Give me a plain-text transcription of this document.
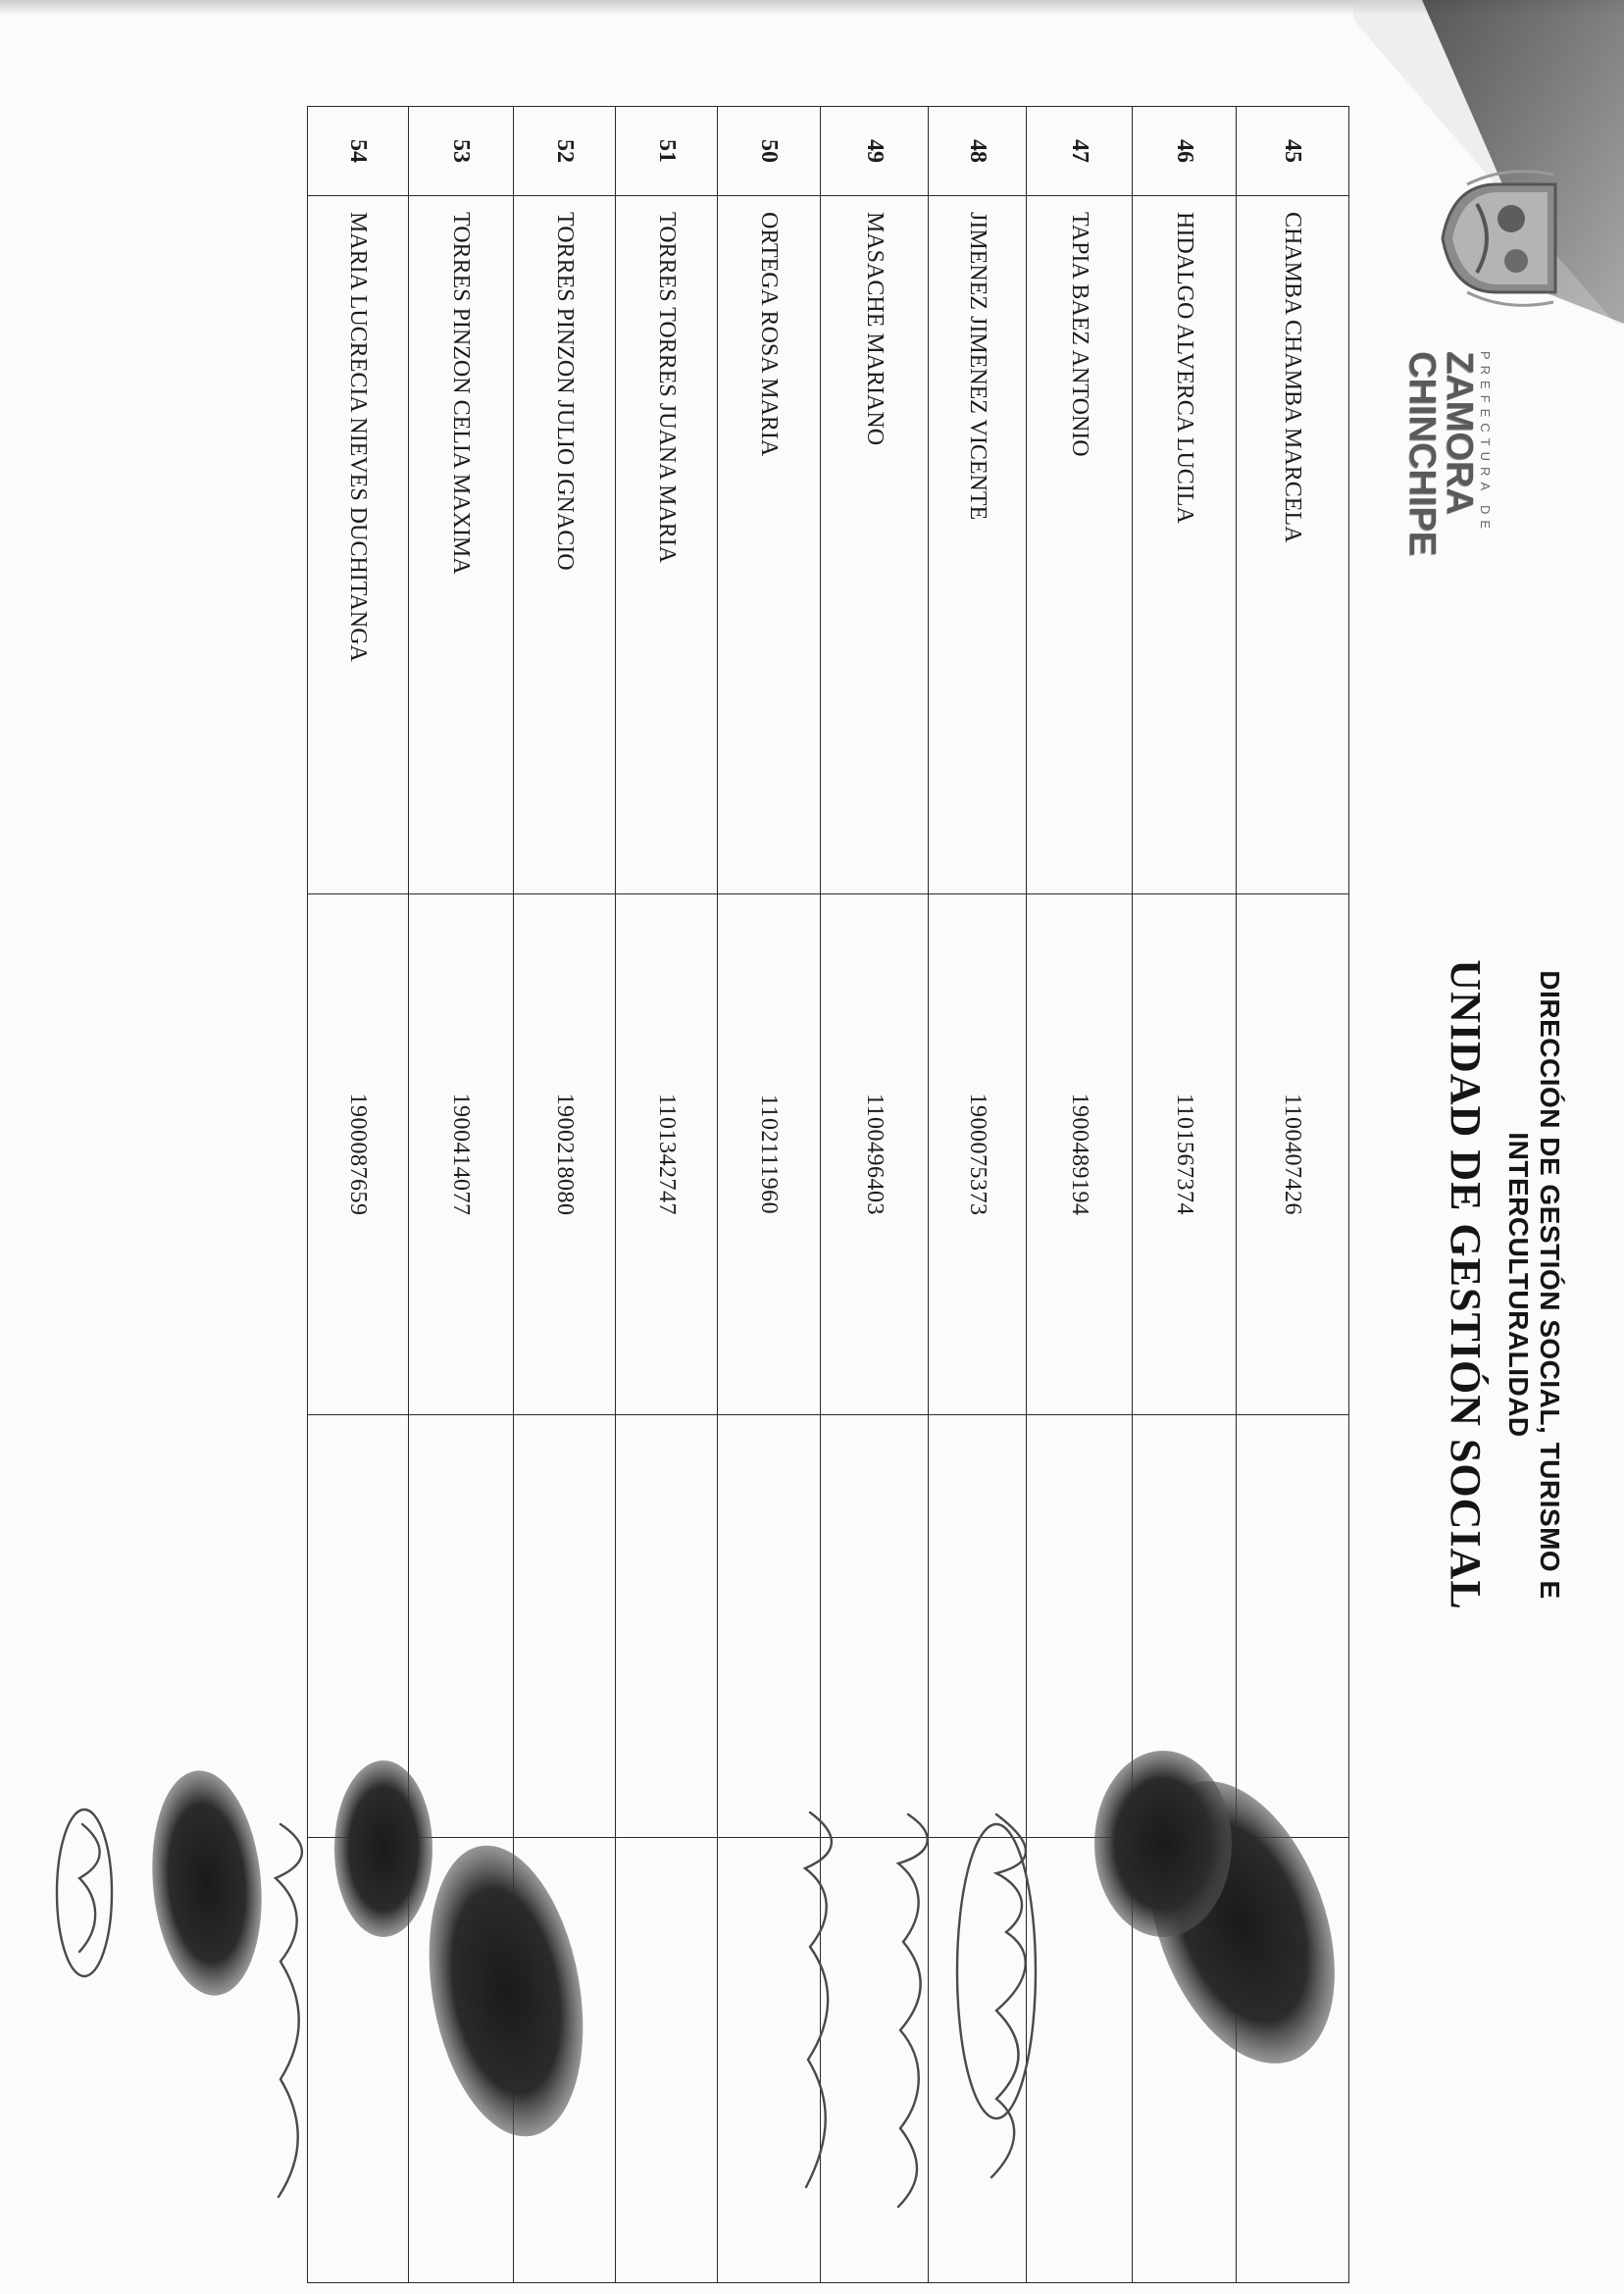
PREFECTURA DE

ZAMORA

CHINCHIPE

DIRECCIÓN DE GESTIÓN SOCIAL, TURISMO E
INTERCULTURALIDAD

UNIDAD DE GESTIÓN SOCIAL

45	CHAMBA CHAMBA MARCELA	1100407426		
46	HIDALGO ALVERCA LUCILA	1101567374		
47	TAPIA BAEZ ANTONIO	1900489194		
48	JIMENEZ JIMENEZ VICENTE	1900075373		
49	MASACHE MARIANO	1100496403		
50	ORTEGA ROSA MARIA	1102111960		
51	TORRES TORRES JUANA MARIA	1101342747		
52	TORRES PINZON JULIO IGNACIO	1900218080		
53	TORRES PINZON CELIA MAXIMA	1900414077		
54	MARIA LUCRECIA NIEVES DUCHITANGA	1900087659		
